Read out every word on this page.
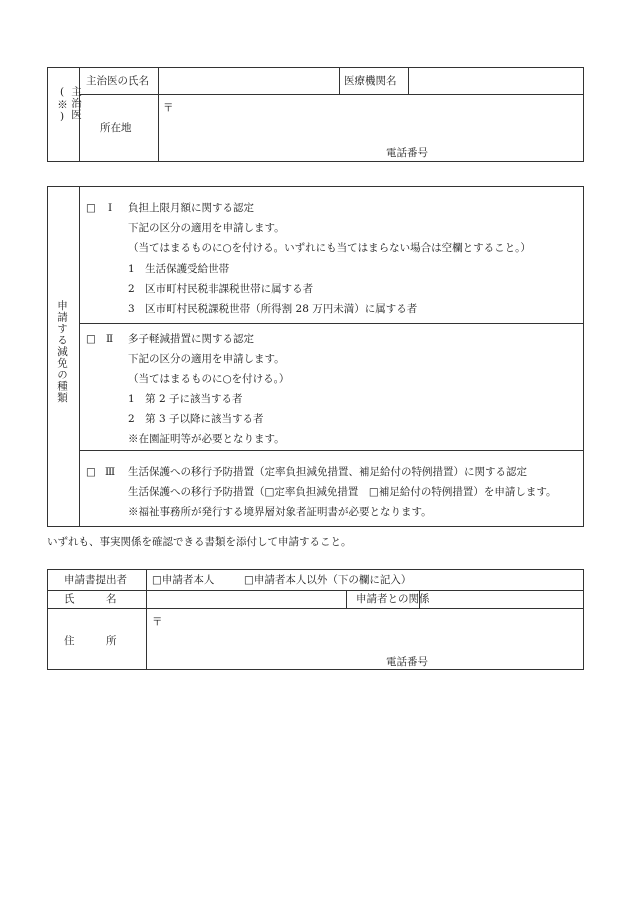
主治医(※)
主治医の氏名	医療機関名
所在地
〒
電話番号
申請する減免の種類
□ Ⅰ 負担上限月額に関する認定
下記の区分の適用を申請します。
（当てはまるものに○を付ける。いずれにも当てはまらない場合は空欄とすること。）
1　生活保護受給世帯
2　区市町村民税非課税世帯に属する者
3　区市町村民税課税世帯（所得割 28 万円未満）に属する者
□ Ⅱ 多子軽減措置に関する認定
下記の区分の適用を申請します。
（当てはまるものに○を付ける。）
1　第 2 子に該当する者
2　第 3 子以降に該当する者
※在園証明等が必要となります。
□ Ⅲ 生活保護への移行予防措置（定率負担減免措置、補足給付の特例措置）に関する認定
生活保護への移行予防措置（□定率負担減免措置　□補足給付の特例措置）を申請します。
※福祉事務所が発行する境界層対象者証明書が必要となります。
いずれも、事実関係を確認できる書類を添付して申請すること。
申請書提出者 □申請者本人	□申請者本人以外（下の欄に記入）
氏　　　名	申請者との関係
住　　　所
〒
電話番号
